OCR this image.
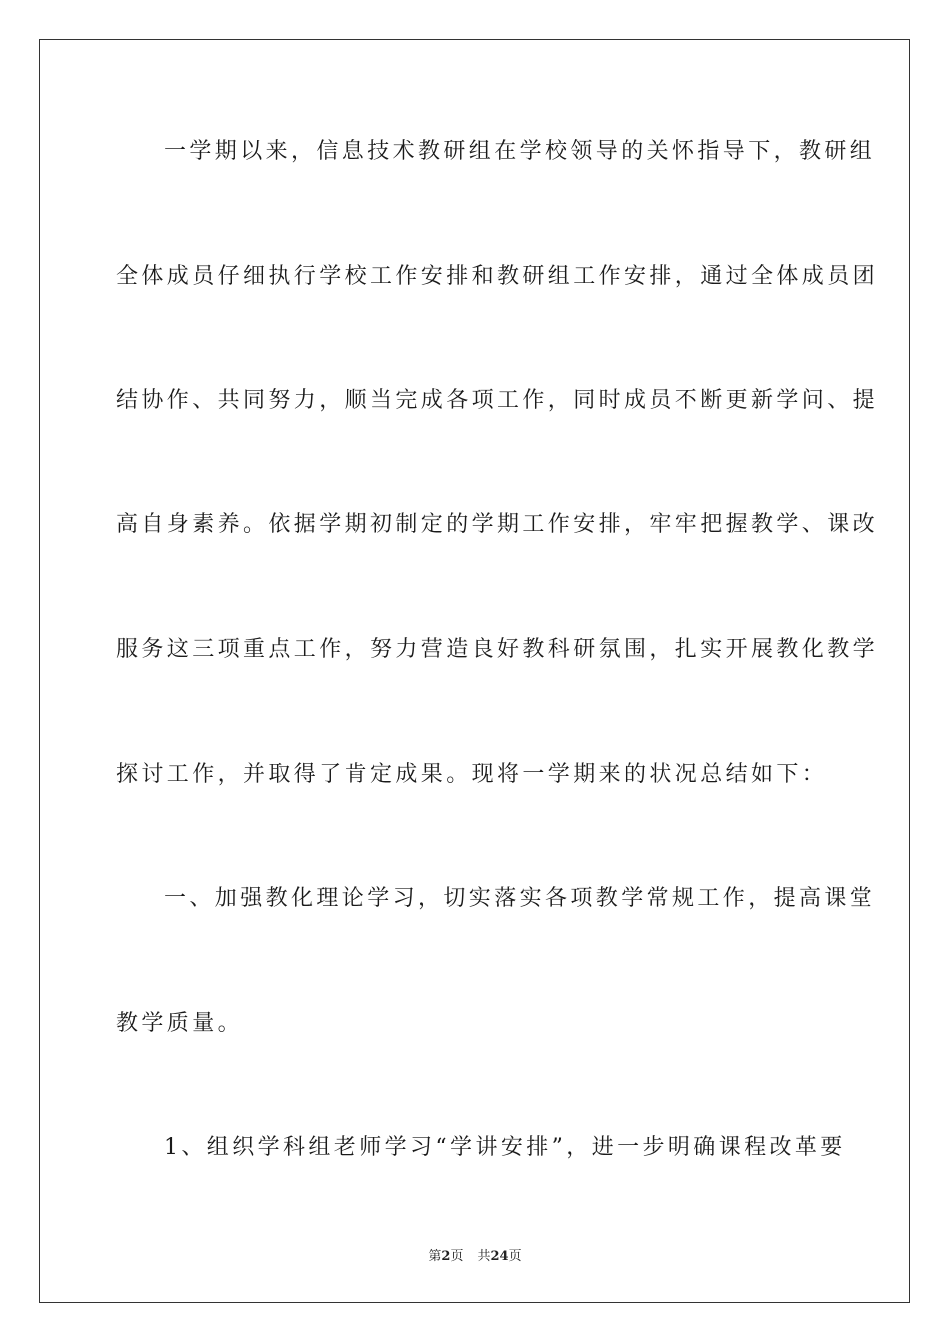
一学期以来，信息技术教研组在学校领导的关怀指导下，教研组
全体成员仔细执行学校工作安排和教研组工作安排，通过全体成员团
结协作、共同努力，顺当完成各项工作，同时成员不断更新学问、提
高自身素养。依据学期初制定的学期工作安排，牢牢把握教学、课改
服务这三项重点工作，努力营造良好教科研氛围，扎实开展教化教学
探讨工作，并取得了肯定成果。现将一学期来的状况总结如下：
一、加强教化理论学习，切实落实各项教学常规工作，提高课堂
教学质量。
1、组织学科组老师学习“学讲安排”，进一步明确课程改革要
第2页 共24页
